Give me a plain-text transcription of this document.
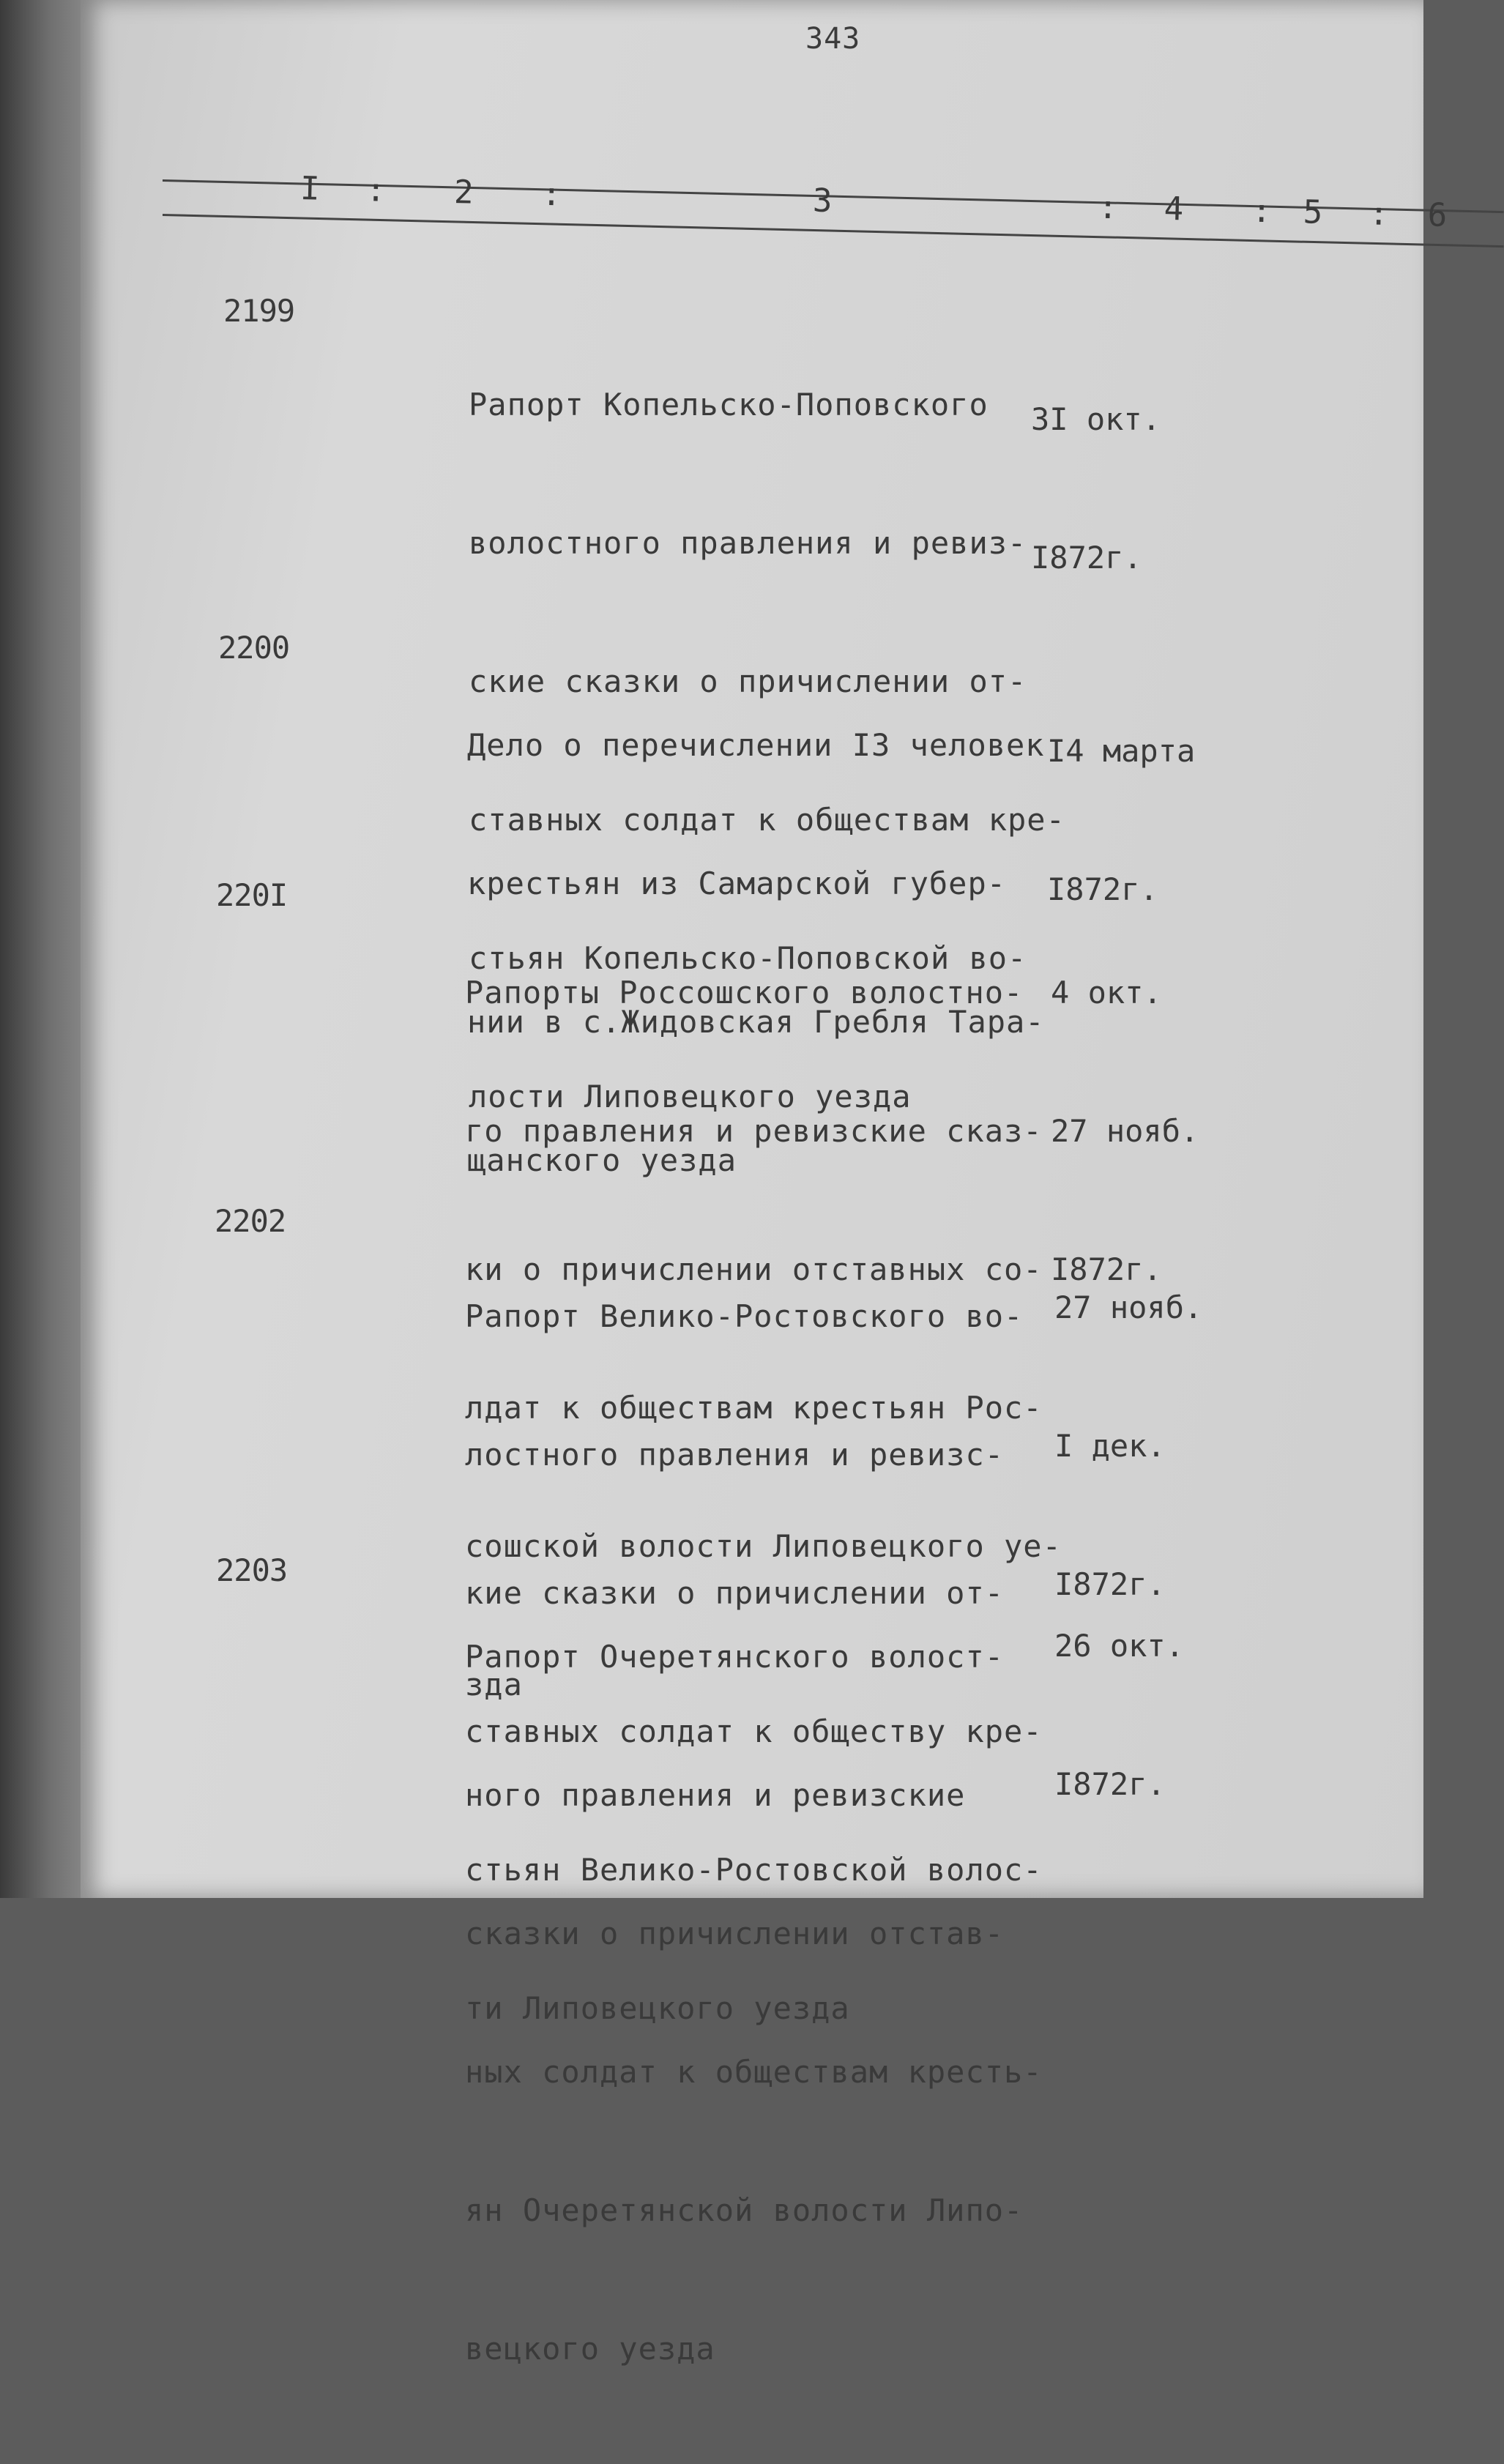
343
I : 2 :	3	: 4 : 5 : 6
2199

Рапорт Копельско-Поповского

волостного правления и ревиз-

ские сказки о причислении от-

ставных солдат к обществам кре-

стьян Копельско-Поповской во-

лости Липовецкого уезда

3I окт.

I872г.

2200

Дело о перечислении I3 человек

крестьян из Самарской губер-

нии в с.Жидовская Гребля Тара-

щанского уезда

I4 марта

I872г.

220I

Рапорты Россошского волостно-

го правления и ревизские сказ-

ки о причислении отставных со-

лдат к обществам крестьян Рос-

сошской волости Липовецкого уе-

зда

4 окт.

27 нояб.

I872г.

2202

Рапорт Велико-Ростовского во-

лостного правления и ревизс-

кие сказки о причислении от-

ставных солдат к обществу кре-

стьян Велико-Ростовской волос-

ти Липовецкого уезда

27 нояб.

I дек.

I872г.

2203

Рапорт Очеретянского волост-

ного правления и ревизские

сказки о причислении отстав-

ных солдат к обществам кресть-

ян Очеретянской волости Липо-

вецкого уезда

26 окт.

I872г.
